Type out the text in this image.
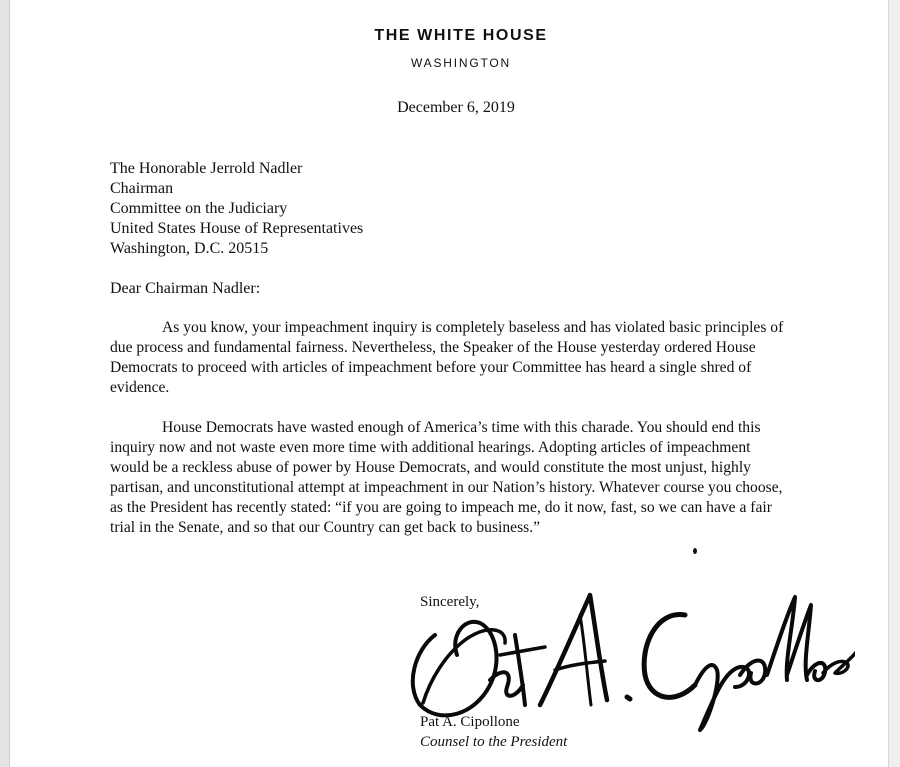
THE WHITE HOUSE
WASHINGTON
December 6, 2019
The Honorable Jerrold Nadler
Chairman
Committee on the Judiciary
United States House of Representatives
Washington, D.C. 20515
Dear Chairman Nadler:

As you know, your impeachment inquiry is completely baseless and has violated basic principles of due process and fundamental fairness. Nevertheless, the Speaker of the House yesterday ordered House Democrats to proceed with articles of impeachment before your Committee has heard a single shred of evidence.

House Democrats have wasted enough of America’s time with this charade. You should end this inquiry now and not waste even more time with additional hearings. Adopting articles of impeachment would be a reckless abuse of power by House Democrats, and would constitute the most unjust, highly partisan, and unconstitutional attempt at impeachment in our Nation’s history. Whatever course you choose, as the President has recently stated: “if you are going to impeach me, do it now, fast, so we can have a fair trial in the Senate, and so that our Country can get back to business.”

Sincerely,
Pat A. Cipollone
Counsel to the President
